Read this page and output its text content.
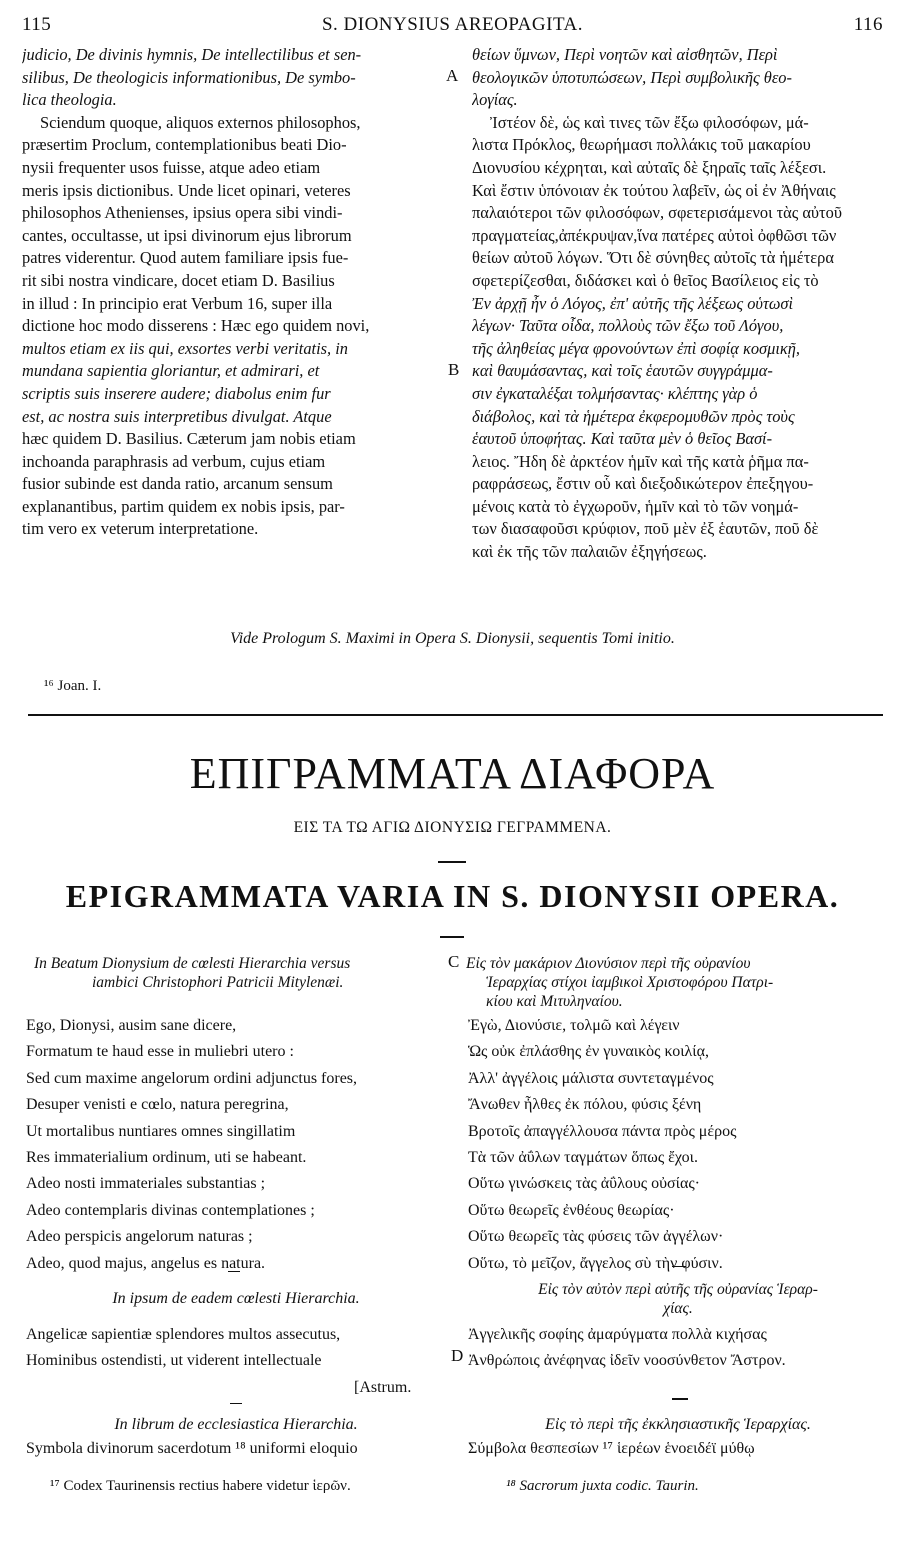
115	S. DIONYSIUS AREOPAGITA.	116
judicio, De divinis hymnis, De intellectilibus et sen-
silibus, De theologicis informationibus, De symbo-
lica theologia.
Sciendum quoque, aliquos externos philosophos,
præsertim Proclum, contemplationibus beati Dio-
nysii frequenter usos fuisse, atque adeo etiam
meris ipsis dictionibus. Unde licet opinari, veteres
philosophos Athenienses, ipsius opera sibi vindi-
cantes, occultasse, ut ipsi divinorum ejus librorum
patres viderentur. Quod autem familiare ipsis fue-
rit sibi nostra vindicare, docet etiam D. Basilius
in illud : In principio erat Verbum 16, super illa
dictione hoc modo disserens : Hæc ego quidem novi,
multos etiam ex iis qui, exsortes verbi veritatis, in
mundana sapientia gloriantur, et admirari, et
scriptis suis inserere audere; diabolus enim fur
est, ac nostra suis interpretibus divulgat. Atque
hæc quidem D. Basilius. Cæterum jam nobis etiam
inchoanda paraphrasis ad verbum, cujus etiam
fusior subinde est danda ratio, arcanum sensum
explanantibus, partim quidem ex nobis ipsis, par-
tim vero ex veterum interpretatione.
A
B
C
D
θείων ὕμνων, Περὶ νοητῶν καὶ αἰσθητῶν, Περὶ
θεολογικῶν ὑποτυπώσεων, Περὶ συμβολικῆς θεο-
λογίας.
Ἰστέον δὲ, ὡς καὶ τινες τῶν ἔξω φιλοσόφων, μά-
λιστα Πρόκλος, θεωρήμασι πολλάκις τοῦ μακαρίου
Διονυσίου κέχρηται, καὶ αὐταῖς δὲ ξηραῖς ταῖς λέξεσι.
Καὶ ἔστιν ὑπόνοιαν ἐκ τούτου λαβεῖν, ὡς οἱ ἐν Ἀθήναις
παλαιότεροι τῶν φιλοσόφων, σφετερισάμενοι τὰς αὐτοῦ
πραγματείας,ἀπέκρυψαν,ἵνα πατέρες αὐτοὶ ὀφθῶσι τῶν
θείων αὐτοῦ λόγων. Ὅτι δὲ σύνηθες αὐτοῖς τὰ ἡμέτερα
σφετερίζεσθαι, διδάσκει καὶ ὁ θεῖος Βασίλειος εἰς τὸ
Ἐν ἀρχῇ ἦν ὁ Λόγος, ἐπ' αὐτῆς τῆς λέξεως οὑτωσὶ
λέγων· Ταῦτα οἶδα, πολλοὺς τῶν ἔξω τοῦ Λόγου,
τῆς ἀληθείας μέγα φρονούντων ἐπὶ σοφίᾳ κοσμικῇ,
καὶ θαυμάσαντας, καὶ τοῖς ἑαυτῶν συγγράμμα-
σιν ἐγκαταλέξαι τολμήσαντας· κλέπτης γὰρ ὁ
διάβολος, καὶ τὰ ἡμέτερα ἐκφερομυθῶν πρὸς τοὺς
ἑαυτοῦ ὑποφήτας. Καὶ ταῦτα μὲν ὁ θεῖος Βασί-
λειος. Ἤδη δὲ ἀρκτέον ἡμῖν καὶ τῆς κατὰ ῥῆμα πα-
ραφράσεως, ἔστιν οὗ καὶ διεξοδικώτερον ἐπεξηγου-
μένοις κατὰ τὸ ἐγχωροῦν, ἡμῖν καὶ τὸ τῶν νοημά-
των διασαφοῦσι κρύφιον, ποῦ μὲν ἐξ ἑαυτῶν, ποῦ δὲ
καὶ ἐκ τῆς τῶν παλαιῶν ἐξηγήσεως.
Vide Prologum S. Maximi in Opera S. Dionysii, sequentis Tomi initio.
¹⁶ Joan. I.
ΕΠΙΓΡΑΜΜΑΤΑ ΔΙΑΦΟΡΑ
ΕΙΣ ΤΑ ΤΩ ΑΓΙΩ ΔΙΟΝΥΣΙΩ ΓΕΓΡΑΜΜΕΝΑ.
EPIGRAMMATA VARIA IN S. DIONYSII OPERA.
In Beatum Dionysium de cœlesti Hierarchia versus
iambici Christophori Patricii Mitylenæi.
Εἰς τὸν μακάριον Διονύσιον περὶ τῆς οὐρανίου
Ἱεραρχίας στίχοι ἰαμβικοὶ Χριστοφόρου Πατρι-
κίου καὶ Μιτυληναίου.
Ego, Dionysi, ausim sane dicere,
Formatum te haud esse in muliebri utero :
Sed cum maxime angelorum ordini adjunctus fores,
Desuper venisti e cœlo, natura peregrina,
Ut mortalibus nuntiares omnes singillatim
Res immaterialium ordinum, uti se habeant.
Adeo nosti immateriales substantias ;
Adeo contemplaris divinas contemplationes ;
Adeo perspicis angelorum naturas ;
Adeo, quod majus, angelus es natura.
Ἐγὼ, Διονύσιε, τολμῶ καὶ λέγειν
Ὡς οὐκ ἐπλάσθης ἐν γυναικὸς κοιλίᾳ,
Ἀλλ' ἀγγέλοις μάλιστα συντεταγμένος
Ἄνωθεν ἦλθες ἐκ πόλου, φύσις ξένη
Βροτοῖς ἀπαγγέλλουσα πάντα πρὸς μέρος
Τὰ τῶν ἀΰλων ταγμάτων ὅπως ἔχοι.
Οὕτω γινώσκεις τὰς ἀΰλους οὐσίας·
Οὕτω θεωρεῖς ἐνθέους θεωρίας·
Οὕτω θεωρεῖς τὰς φύσεις τῶν ἀγγέλων·
Οὕτω, τὸ μεῖζον, ἄγγελος σὺ τὴν φύσιν.
In ipsum de eadem cœlesti Hierarchia.
Εἰς τὸν αὐτὸν περὶ αὐτῆς τῆς οὐρανίας Ἱεραρ-
χίας.
Angelicæ sapientiæ splendores multos assecutus,
Hominibus ostendisti, ut viderent intellectuale
[Astrum.
Ἀγγελικῆς σοφίης ἀμαρύγματα πολλὰ κιχήσας
Ἀνθρώποις ἀνέφηνας ἰδεῖν νοοσύνθετον Ἄστρον.
In librum de ecclesiastica Hierarchia.	Εἰς τὸ περὶ τῆς ἐκκλησιαστικῆς Ἱεραρχίας.
Symbola divinorum sacerdotum ¹⁸ uniformi eloquio	Σύμβολα θεσπεσίων ¹⁷ ἱερέων ἑνοειδέϊ μύθῳ
¹⁷ Codex Taurinensis rectius habere videtur ἱερῶν.	¹⁸ Sacrorum juxta codic. Taurin.
